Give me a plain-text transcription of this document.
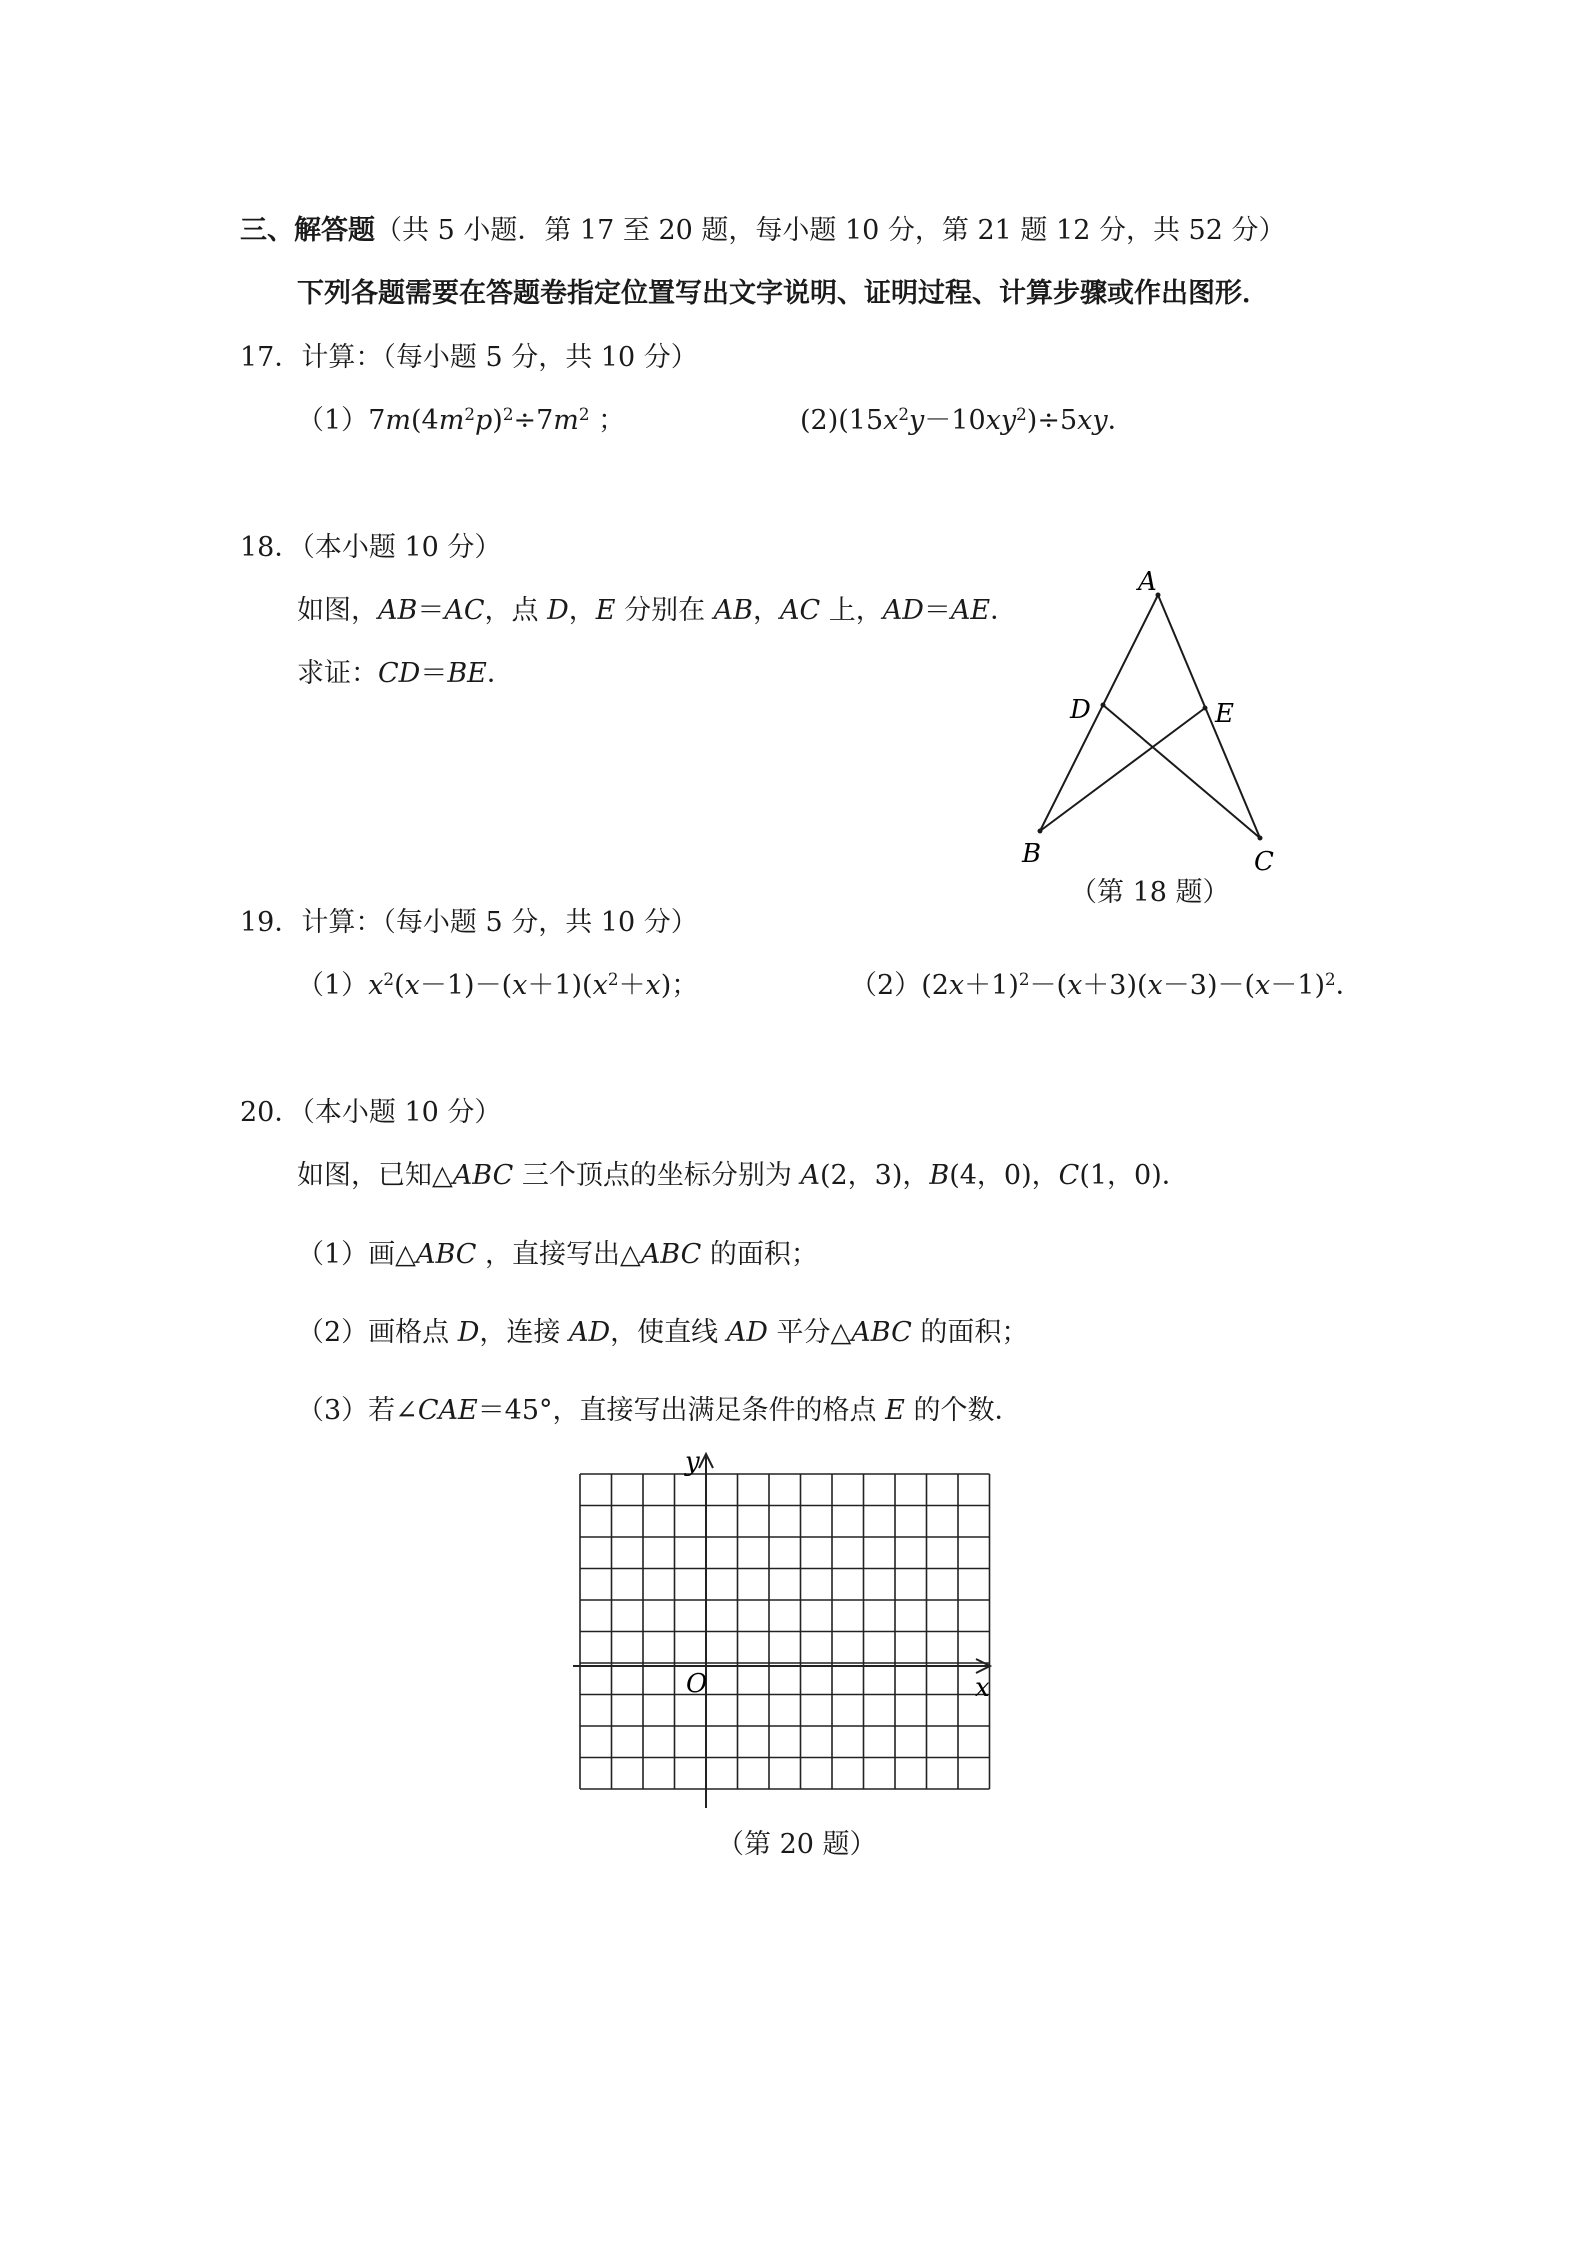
三、解答题（共 5 小题．第 17 至 20 题，每小题 10 分，第 21 题 12 分，共 52 分）
下列各题需要在答题卷指定位置写出文字说明、证明过程、计算步骤或作出图形．
17．计算：（每小题 5 分，共 10 分）
$(1)7m(4m^2p)^2\div 7m^2$ ；	$(2)(15x^2y-10xy^2)\div 5xy$．
18．（本小题 10 分）
如图，AB＝AC，点 D，E 分别在 AB，AC 上，AD＝AE．
求证：CD＝BE．
A
B	C
D	E
（第 18 题）
19．计算：（每小题 5 分，共 10 分）
$(1)x^2(x-1)-(x+1)(x^2+x)$；	$(2)(2x+1)^2-(x+3)(x-3)-(x-1)^2$．
20．（本小题 10 分）
如图，已知△ABC 三个顶点的坐标分别为 A(2，3)，B(4，0)，C(1，0)．
（1）画△ABC ，直接写出△ABC 的面积；
（2）画格点 D，连接 AD，使直线 AD 平分△ABC 的面积；
（3）若∠CAE＝45°，直接写出满足条件的格点 E 的个数．
y
x
O
（第 20 题）
